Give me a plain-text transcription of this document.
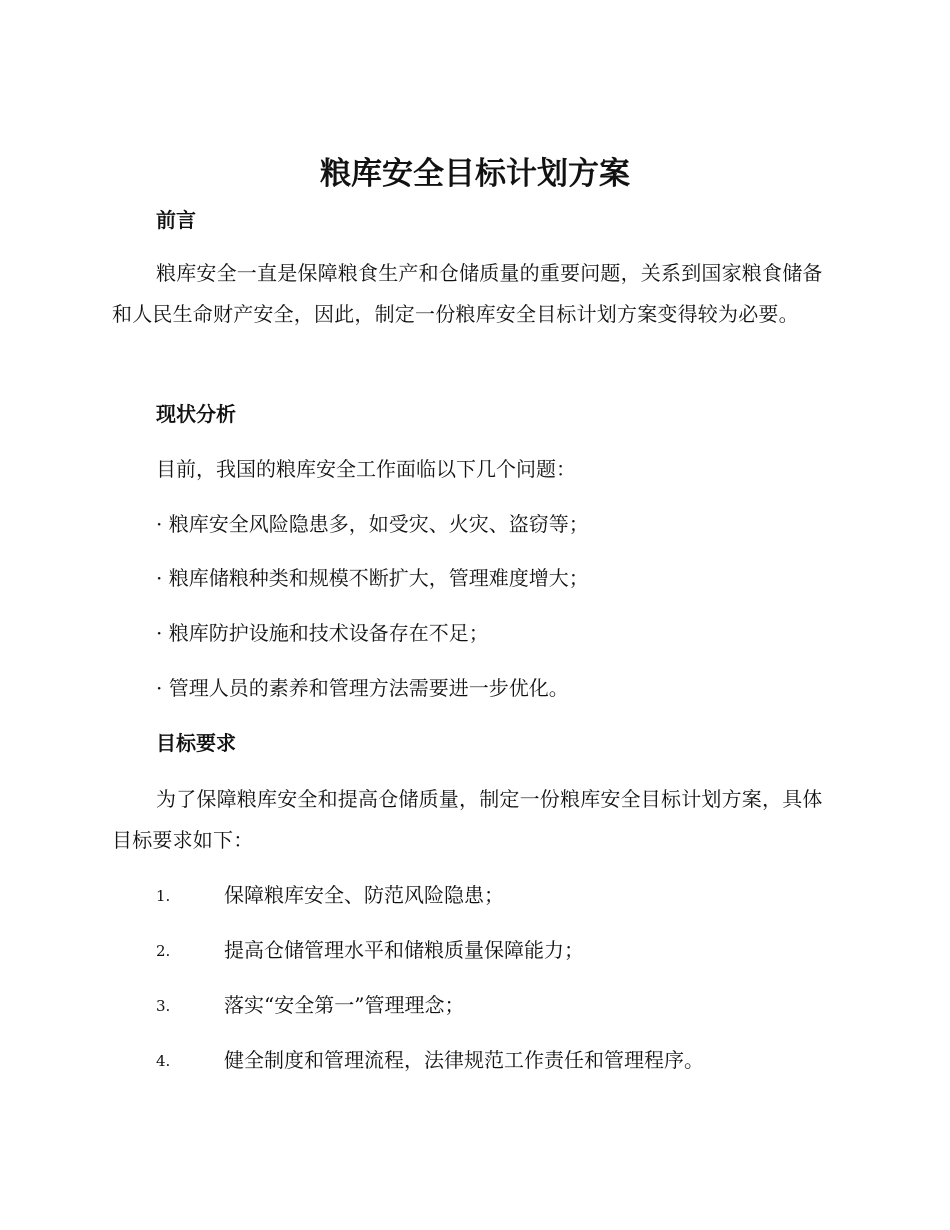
粮库安全目标计划方案
前言

粮库安全一直是保障粮食生产和仓储质量的重要问题，关系到国家粮食储备和人民生命财产安全，因此，制定一份粮库安全目标计划方案变得较为必要。

现状分析

目前，我国的粮库安全工作面临以下几个问题：

· 粮库安全风险隐患多，如受灾、火灾、盗窃等；

· 粮库储粮种类和规模不断扩大，管理难度增大；

· 粮库防护设施和技术设备存在不足；

· 管理人员的素养和管理方法需要进一步优化。

目标要求

为了保障粮库安全和提高仓储质量，制定一份粮库安全目标计划方案，具体目标要求如下：

1.	保障粮库安全、防范风险隐患；
2.	提高仓储管理水平和储粮质量保障能力；
3.	落实“安全第一”管理理念；
4.	健全制度和管理流程，法律规范工作责任和管理程序。
